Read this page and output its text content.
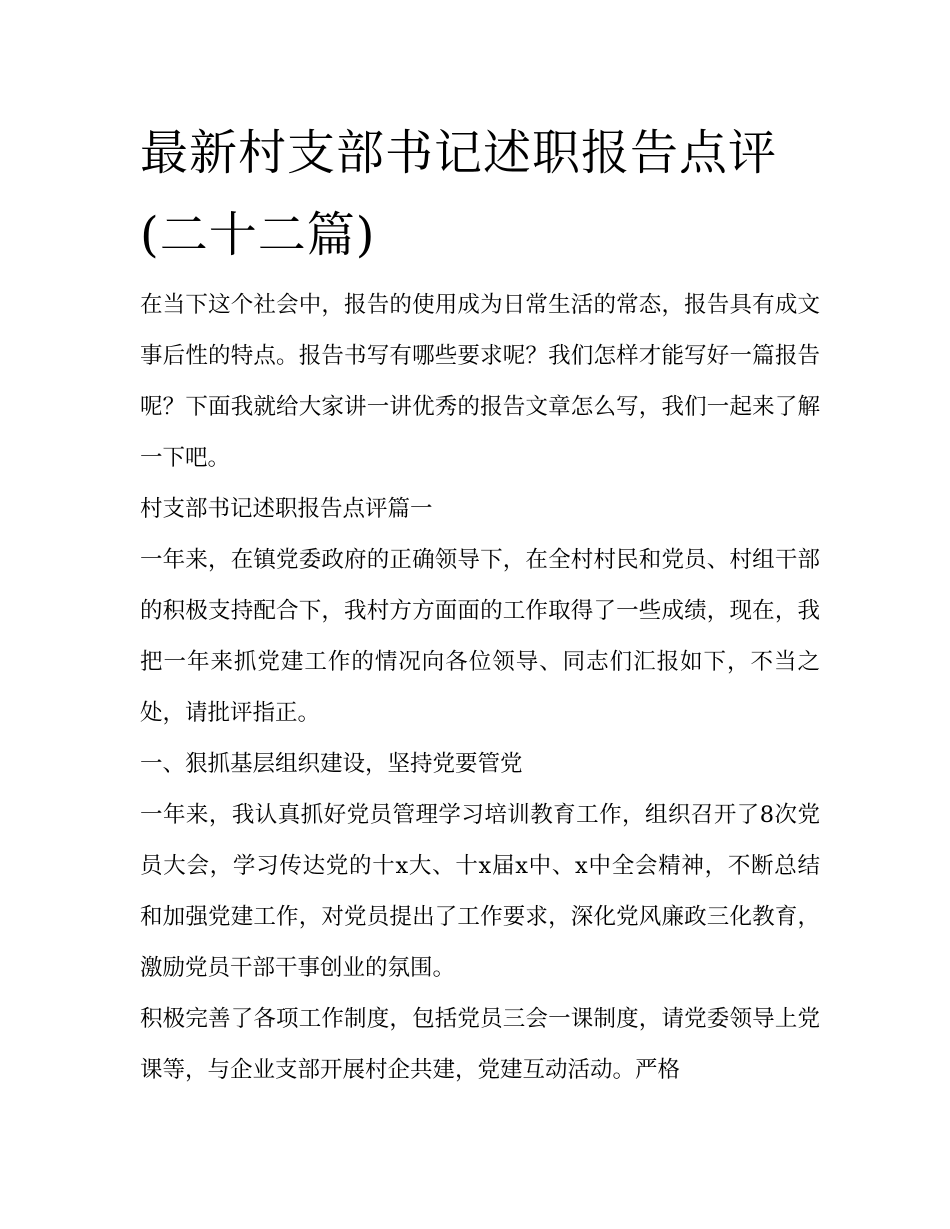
最新村支部书记述职报告点评(二十二篇)

在当下这个社会中，报告的使用成为日常生活的常态，报告具有成文事后性的特点。报告书写有哪些要求呢？我们怎样才能写好一篇报告呢？下面我就给大家讲一讲优秀的报告文章怎么写，我们一起来了解一下吧。

村支部书记述职报告点评篇一

一年来，在镇党委政府的正确领导下，在全村村民和党员、村组干部的积极支持配合下，我村方方面面的工作取得了一些成绩，现在，我把一年来抓党建工作的情况向各位领导、同志们汇报如下，不当之处，请批评指正。

一、狠抓基层组织建设，坚持党要管党

一年来，我认真抓好党员管理学习培训教育工作，组织召开了8次党员大会，学习传达党的十x大、十x届x中、x中全会精神，不断总结和加强党建工作，对党员提出了工作要求，深化党风廉政三化教育，激励党员干部干事创业的氛围。

积极完善了各项工作制度，包括党员三会一课制度，请党委领导上党课等，与企业支部开展村企共建，党建互动活动。严格
